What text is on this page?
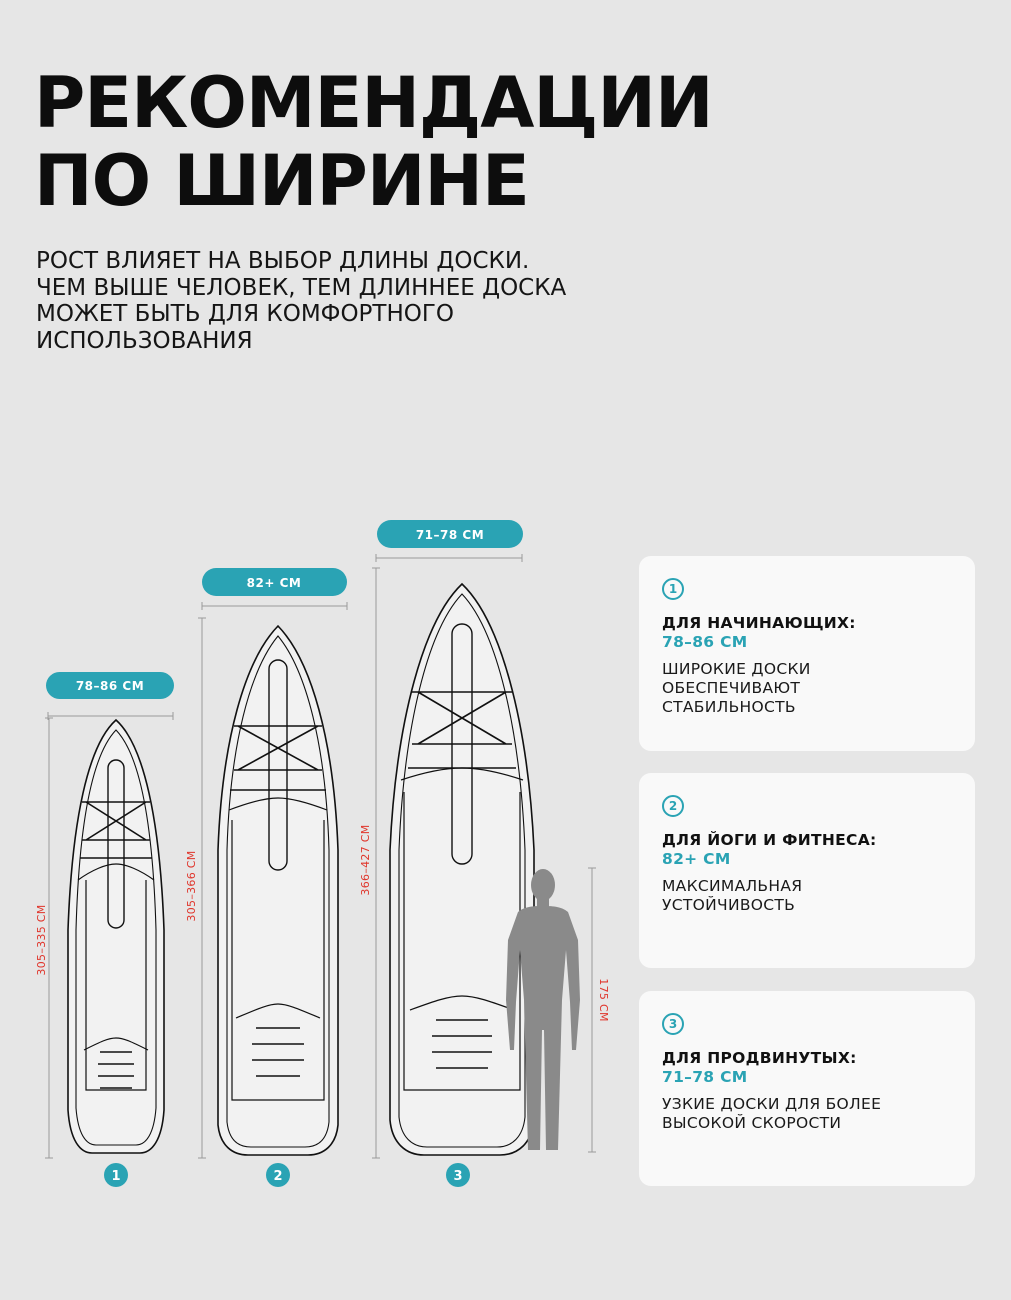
РЕКОМЕНДАЦИИ
ПО ШИРИНЕ

РОСТ ВЛИЯЕТ НА ВЫБОР ДЛИНЫ ДОСКИ.
ЧЕМ ВЫШЕ ЧЕЛОВЕК, ТЕМ ДЛИННЕЕ ДОСКА
МОЖЕТ БЫТЬ ДЛЯ КОМФОРТНОГО
ИСПОЛЬЗОВАНИЯ

78–86 СМ
305–335 СМ
1
82+ СМ
305–366 СМ
2
71–78 СМ
366–427 СМ
3
175 СМ
1
ДЛЯ НАЧИНАЮЩИХ:
78–86 СМ
ШИРОКИЕ ДОСКИ
ОБЕСПЕЧИВАЮТ
СТАБИЛЬНОСТЬ
2
ДЛЯ ЙОГИ И ФИТНЕСА:
82+ СМ
МАКСИМАЛЬНАЯ
УСТОЙЧИВОСТЬ
3
ДЛЯ ПРОДВИНУТЫХ:
71–78 СМ
УЗКИЕ ДОСКИ ДЛЯ БОЛЕЕ
ВЫСОКОЙ СКОРОСТИ
